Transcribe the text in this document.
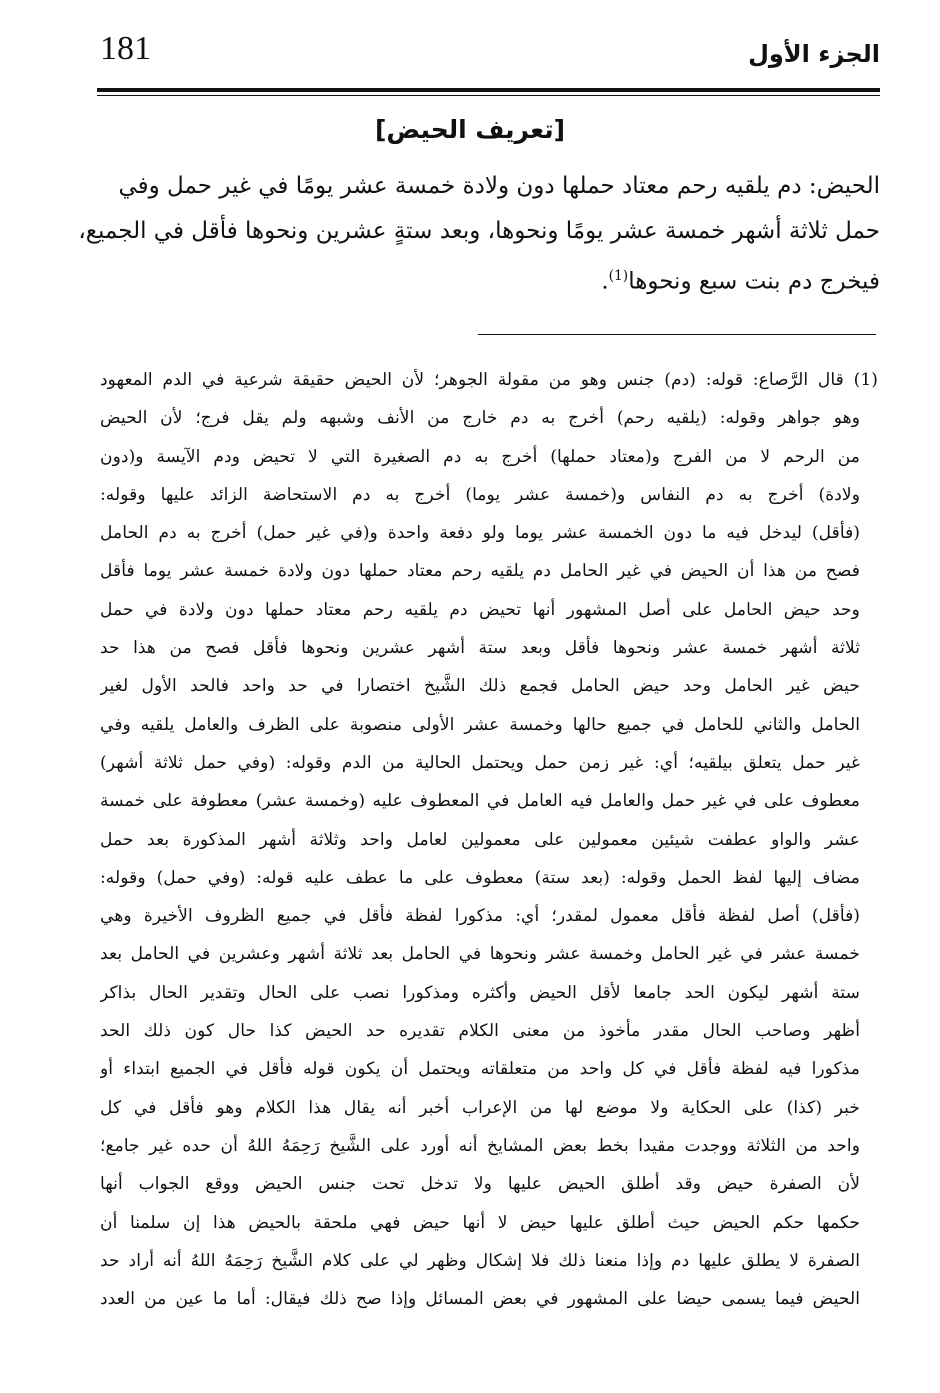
181	الجزء الأول
[تعريف الحيض]
الحيض: دم يلقيه رحم معتاد حملها دون ولادة خمسة عشر يومًا في غير حمل وفي
حمل ثلاثة أشهر خمسة عشر يومًا ونحوها، وبعد ستةٍ عشرين ونحوها فأقل في الجميع،
فيخرج دم بنت سبع ونحوها$^{(1)}$.
(1) قال الرَّصاع: قوله: (دم) جنس وهو من مقولة الجوهر؛ لأن الحيض حقيقة شرعية في الدم المعهود
وهو جواهر وقوله: (يلقيه رحم) أخرج به دم خارج من الأنف وشبهه ولم يقل فرج؛ لأن الحيض
من الرحم لا من الفرج و(معتاد حملها) أخرج به دم الصغيرة التي لا تحيض ودم الآيسة و(دون
ولادة) أخرج به دم النفاس و(خمسة عشر يوما) أخرج به دم الاستحاضة الزائد عليها وقوله:
(فأقل) ليدخل فيه ما دون الخمسة عشر يوما ولو دفعة واحدة و(في غير حمل) أخرج به دم الحامل
فصح من هذا أن الحيض في غير الحامل دم يلقيه رحم معتاد حملها دون ولادة خمسة عشر يوما فأقل
وحد حيض الحامل على أصل المشهور أنها تحيض دم يلقيه رحم معتاد حملها دون ولادة في حمل
ثلاثة أشهر خمسة عشر ونحوها فأقل وبعد ستة أشهر عشرين ونحوها فأقل فصح من هذا حد
حيض غير الحامل وحد حيض الحامل فجمع ذلك الشَّيخ اختصارا في حد واحد فالحد الأول لغير
الحامل والثاني للحامل في جميع حالها وخمسة عشر الأولى منصوبة على الظرف والعامل يلقيه وفي
غير حمل يتعلق بيلقيه؛ أي: غير زمن حمل ويحتمل الحالية من الدم وقوله: (وفي حمل ثلاثة أشهر)
معطوف على في غير حمل والعامل فيه العامل في المعطوف عليه (وخمسة عشر) معطوفة على خمسة
عشر والواو عطفت شيئين معمولين على معمولين لعامل واحد وثلاثة أشهر المذكورة بعد حمل
مضاف إليها لفظ الحمل وقوله: (بعد ستة) معطوف على ما عطف عليه قوله: (وفي حمل) وقوله:
(فأقل) أصل لفظة فأقل معمول لمقدر؛ أي: مذكورا لفظة فأقل في جميع الظروف الأخيرة وهي
خمسة عشر في غير الحامل وخمسة عشر ونحوها في الحامل بعد ثلاثة أشهر وعشرين في الحامل بعد
ستة أشهر ليكون الحد جامعا لأقل الحيض وأكثره ومذكورا نصب على الحال وتقدير الحال بذاكر
أظهر وصاحب الحال مقدر مأخوذ من معنى الكلام تقديره حد الحيض كذا حال كون ذلك الحد
مذكورا فيه لفظة فأقل في كل واحد من متعلقاته ويحتمل أن يكون قوله فأقل في الجميع ابتداء أو
خبر (كذا) على الحكاية ولا موضع لها من الإعراب أخبر أنه يقال هذا الكلام وهو فأقل في كل
واحد من الثلاثة ووجدت مقيدا بخط بعض المشايخ أنه أورد على الشَّيخ رَحِمَهُ اللهُ أن حده غير جامع؛
لأن الصفرة حيض وقد أطلق الحيض عليها ولا تدخل تحت جنس الحيض ووقع الجواب أنها
حكمها حكم الحيض حيث أطلق عليها حيض لا أنها حيض فهي ملحقة بالحيض هذا إن سلمنا أن
الصفرة لا يطلق عليها دم وإذا منعنا ذلك فلا إشكال وظهر لي على كلام الشَّيخ رَحِمَهُ اللهُ أنه أراد حد
الحيض فيما يسمى حيضا على المشهور في بعض المسائل وإذا صح ذلك فيقال: أما ما عين من العدد
